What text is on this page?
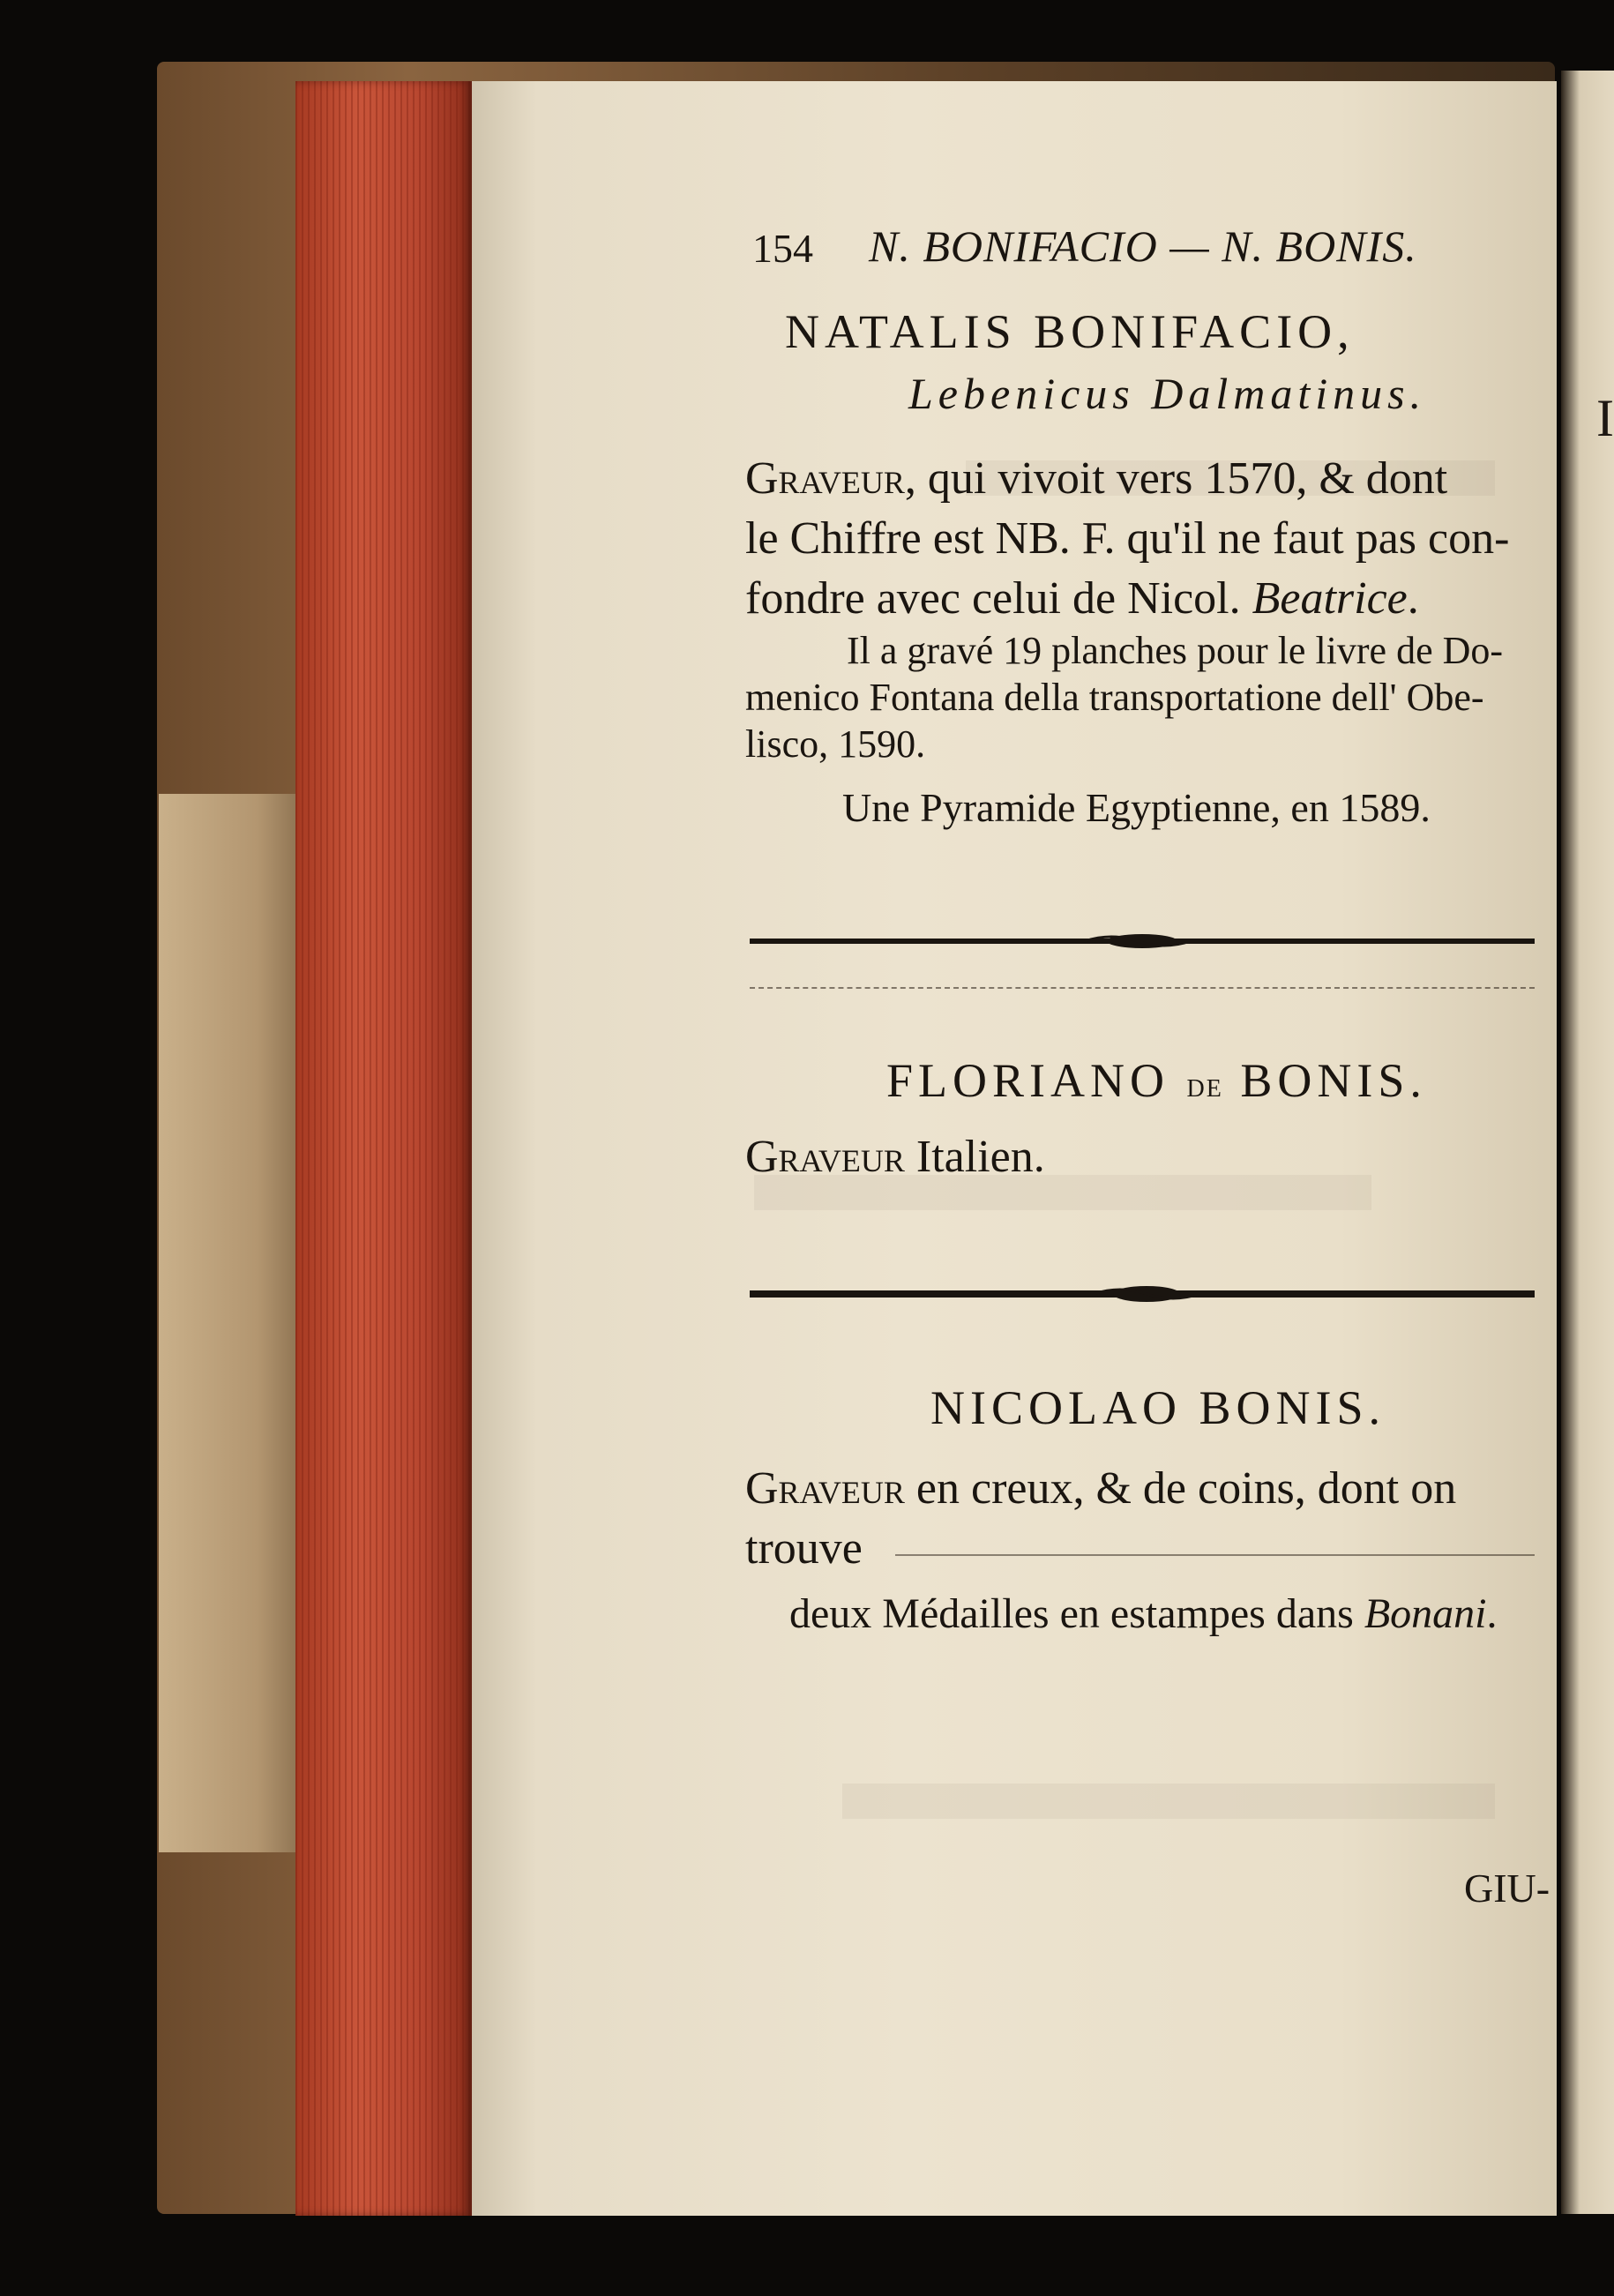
I
154 N. BONIFACIO — N. BONIS.
NATALIS BONIFACIO,
Lebenicus Dalmatinus.
Graveur, qui vivoit vers 1570, & dont
le Chiffre est NB. F. qu'il ne faut pas con-
fondre avec celui de Nicol. Beatrice.
Il a gravé 19 planches pour le livre de Do-
menico Fontana della transportatione dell' Obe-
lisco, 1590.
Une Pyramide Egyptienne, en 1589.
FLORIANO de BONIS.
Graveur Italien.
NICOLAO BONIS.
Graveur en creux, & de coins, dont on
trouve
deux Médailles en estampes dans Bonani.
GIU-
